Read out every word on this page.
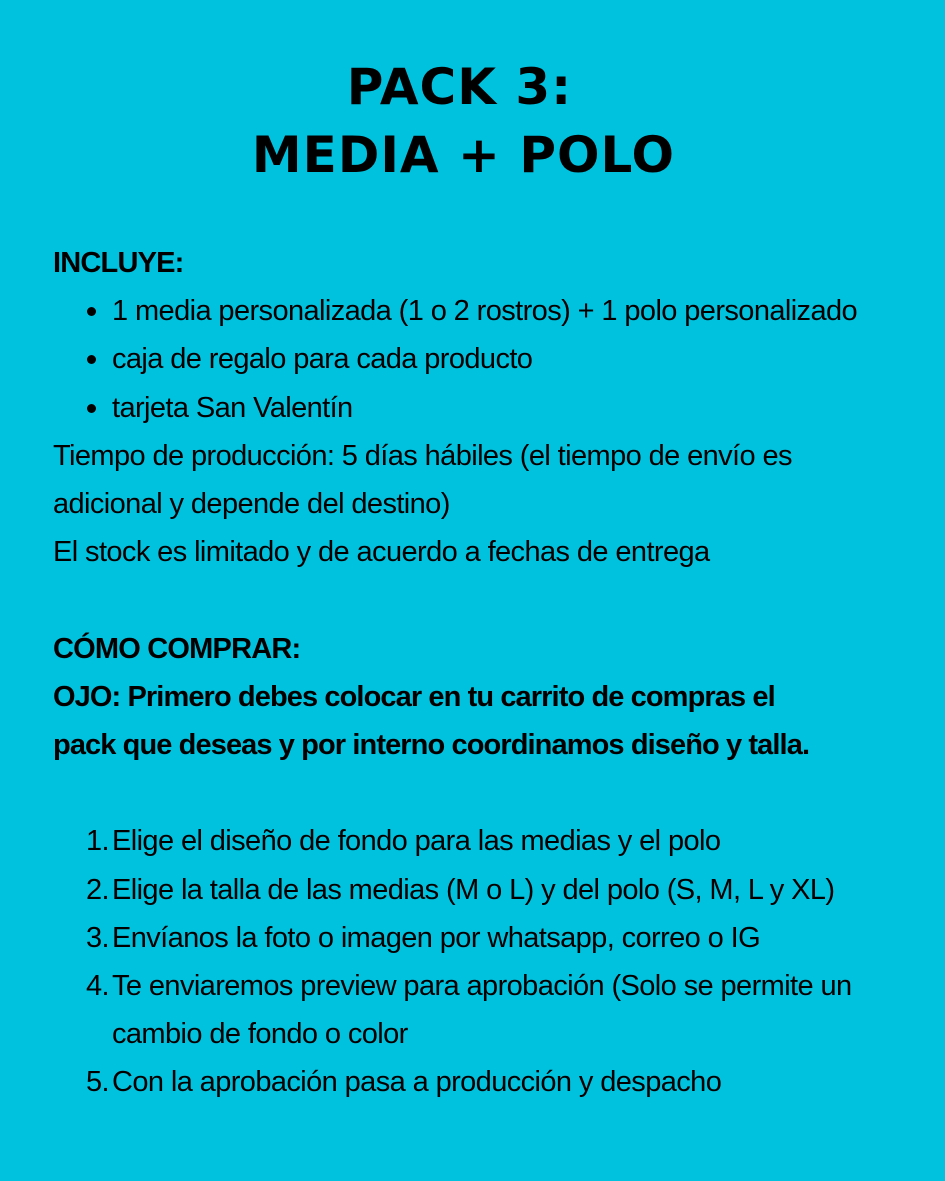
PACK 3:
MEDIA + POLO

INCLUYE:

1 media personalizada (1 o 2 rostros) + 1 polo personalizado
caja de regalo para cada producto
tarjeta San Valentín

Tiempo de producción: 5 días hábiles (el tiempo de envío es

adicional y depende del destino)

El stock es limitado y de acuerdo a fechas de entrega

CÓMO COMPRAR:

OJO: Primero debes colocar en tu carrito de compras el

pack que deseas y por interno coordinamos diseño y talla.

1. Elige el diseño de fondo para las medias y el polo
2. Elige la talla de las medias (M o L) y del polo (S, M, L y XL)
3. Envíanos la foto o imagen por whatsapp, correo o IG
4. Te enviaremos preview para aprobación (Solo se permite un cambio de fondo o color
5. Con la aprobación pasa a producción y despacho
